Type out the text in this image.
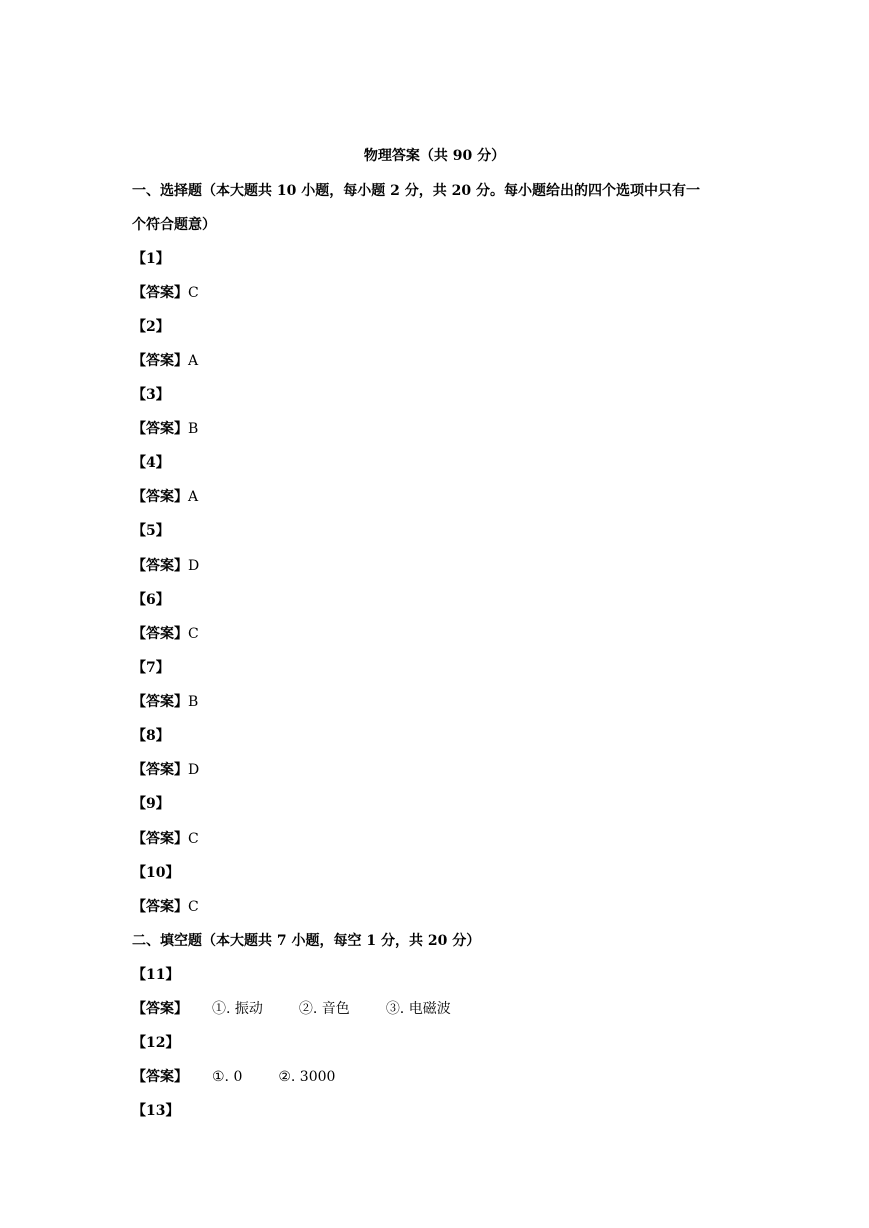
物理答案（共 90 分）
一、选择题（本大题共 10 小题，每小题 2 分，共 20 分。每小题给出的四个选项中只有一
个符合题意）
【1】
【答案】C
【2】
【答案】A
【3】
【答案】B
【4】
【答案】A
【5】
【答案】D
【6】
【答案】C
【7】
【答案】B
【8】
【答案】D
【9】
【答案】C
【10】
【答案】C
二、填空题（本大题共 7 小题，每空 1 分，共 20 分）
【11】
【答案】 ①. 振动	②. 音色	③. 电磁波
【12】
【答案】 ①. 0	②. 3000
【13】
